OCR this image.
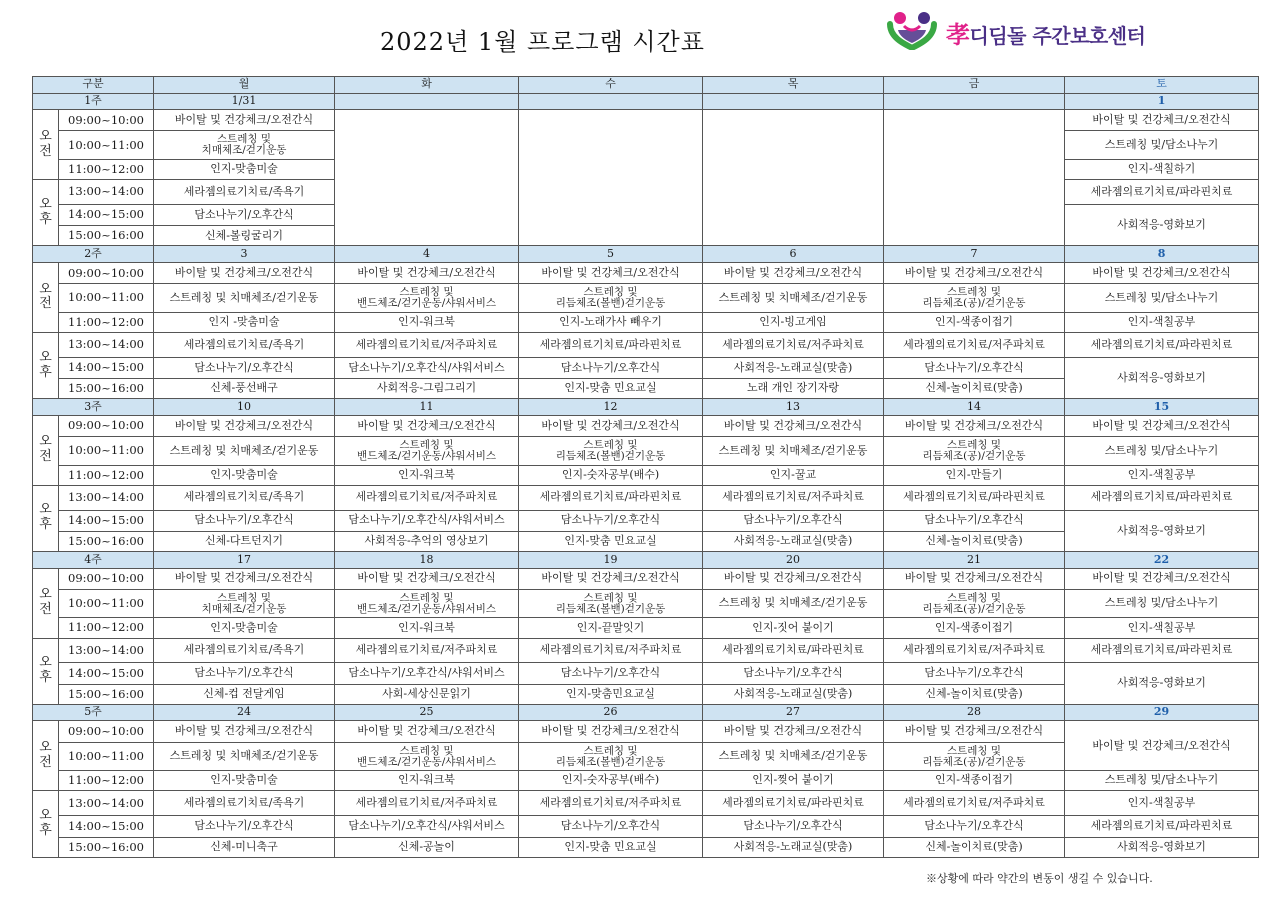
2022년 1월 프로그램 시간표	孝디딤돌 주간보호센터
구분		월	화	수	목	금	토
1주		1/31					1
오
전	09:00~10:00	바이탈 및 건강체크/오전간식					바이탈 및 건강체크/오전간식
	10:00~11:00	스트레칭 및
치매체조/걷기운동					스트레칭 및/담소나누기
	11:00~12:00	인지-맞춤미술					인지-색칠하기
오
후	13:00~14:00	세라젬의료기치료/족욕기					세라젬의료기치료/파라핀치료
	14:00~15:00	담소나누기/오후간식					사회적응-영화보기
	15:00~16:00	신체-볼링굴리기					
2주		3	4	5	6	7	8
오
전	09:00~10:00	바이탈 및 건강체크/오전간식	바이탈 및 건강체크/오전간식	바이탈 및 건강체크/오전간식	바이탈 및 건강체크/오전간식	바이탈 및 건강체크/오전간식	바이탈 및 건강체크/오전간식
	10:00~11:00	스트레칭 및 치매체조/걷기운동	스트레칭 및
밴드체조/걷기운동/샤워서비스	스트레칭 및
리듬체조(볼밴)걷기운동	스트레칭 및 치매체조/걷기운동	스트레칭 및
리듬체조(공)/걷기운동	스트레칭 및/담소나누기
	11:00~12:00	인지 -맞춤미술	인지-워크북	인지-노래가사 빼우기	인지-빙고게임	인지-색종이접기	인지-색칠공부
오
후	13:00~14:00	세라젬의료기치료/족욕기	세라젬의료기치료/저주파치료	세라젬의료기치료/파라핀치료	세라젬의료기치료/저주파치료	세라젬의료기치료/저주파치료	세라젬의료기치료/파라핀치료
	14:00~15:00	담소나누기/오후간식	담소나누기/오후간식/샤워서비스	담소나누기/오후간식	사회적응-노래교실(맞춤)	담소나누기/오후간식	사회적응-영화보기
	15:00~16:00	신체-풍선배구	사회적응-그림그리기	인지-맞춤 민요교실	노래 개인 장기자랑	신체-놀이치료(맞춤)	
3주		10	11	12	13	14	15
오
전	09:00~10:00	바이탈 및 건강체크/오전간식	바이탈 및 건강체크/오전간식	바이탈 및 건강체크/오전간식	바이탈 및 건강체크/오전간식	바이탈 및 건강체크/오전간식	바이탈 및 건강체크/오전간식
	10:00~11:00	스트레칭 및 치매체조/걷기운동	스트레칭 및
밴드체조/걷기운동/샤워서비스	스트레칭 및
리듬체조(볼밴)걷기운동	스트레칭 및 치매체조/걷기운동	스트레칭 및
리듬체조(공)/걷기운동	스트레칭 및/담소나누기
	11:00~12:00	인지-맞춤미술	인지-워크북	인지-숫자공부(배수)	인지-꿀교	인지-만들기	인지-색칠공부
오
후	13:00~14:00	세라젬의료기치료/족욕기	세라젬의료기치료/저주파치료	세라젬의료기치료/파라핀치료	세라젬의료기치료/저주파치료	세라젬의료기치료/파라핀치료	세라젬의료기치료/파라핀치료
	14:00~15:00	담소나누기/오후간식	담소나누기/오후간식/샤워서비스	담소나누기/오후간식	담소나누기/오후간식	담소나누기/오후간식	사회적응-영화보기
	15:00~16:00	신체-다트던지기	사회적응-추억의 영상보기	인지-맞춤 민요교실	사회적응-노래교실(맞춤)	신체-놀이치료(맞춤)	
4주		17	18	19	20	21	22
오
전	09:00~10:00	바이탈 및 건강체크/오전간식	바이탈 및 건강체크/오전간식	바이탈 및 건강체크/오전간식	바이탈 및 건강체크/오전간식	바이탈 및 건강체크/오전간식	바이탈 및 건강체크/오전간식
	10:00~11:00	스트레칭 및
치매체조/걷기운동	스트레칭 및
밴드체조/걷기운동/샤워서비스	스트레칭 및
리듬체조(볼밴)걷기운동	스트레칭 및 치매체조/걷기운동	스트레칭 및
리듬체조(공)/걷기운동	스트레칭 및/담소나누기
	11:00~12:00	인지-맞춤미술	인지-워크북	인지-끝말잇기	인지-짓어 붙이기	인지-색종이접기	인지-색칠공부
오
후	13:00~14:00	세라젬의료기치료/족욕기	세라젬의료기치료/저주파치료	세라젬의료기치료/저주파치료	세라젬의료기치료/파라핀치료	세라젬의료기치료/저주파치료	세라젬의료기치료/파라핀치료
	14:00~15:00	담소나누기/오후간식	담소나누기/오후간식/샤워서비스	담소나누기/오후간식	담소나누기/오후간식	담소나누기/오후간식	사회적응-영화보기
	15:00~16:00	신체-컵 전달게임	사회-세상신문읽기	인지-맞춤민요교실	사회적응-노래교실(맞춤)	신체-놀이치료(맞춤)	
5주		24	25	26	27	28	29
오
전	09:00~10:00	바이탈 및 건강체크/오전간식	바이탈 및 건강체크/오전간식	바이탈 및 건강체크/오전간식	바이탈 및 건강체크/오전간식	바이탈 및 건강체크/오전간식	바이탈 및 건강체크/오전간식
	10:00~11:00	스트레칭 및 치매체조/걷기운동	스트레칭 및
밴드체조/걷기운동/샤워서비스	스트레칭 및
리듬체조(볼밴)걷기운동	스트레칭 및 치매체조/걷기운동	스트레칭 및
리듬체조(공)/걷기운동	
	11:00~12:00	인지-맞춤미술	인지-워크북	인지-숫자공부(배수)	인지-찢어 붙이기	인지-색종이접기	스트레칭 및/담소나누기
오
후	13:00~14:00	세라젬의료기치료/족욕기	세라젬의료기치료/저주파치료	세라젬의료기치료/저주파치료	세라젬의료기치료/파라핀치료	세라젬의료기치료/저주파치료	인지-색칠공부
	14:00~15:00	담소나누기/오후간식	담소나누기/오후간식/샤워서비스	담소나누기/오후간식	담소나누기/오후간식	담소나누기/오후간식	세라젬의료기치료/파라핀치료
	15:00~16:00	신체-미니축구	신체-공놀이	인지-맞춤 민요교실	사회적응-노래교실(맞춤)	신체-놀이치료(맞춤)	사회적응-영화보기
※상황에 따라 약간의 변동이 생길 수 있습니다.
